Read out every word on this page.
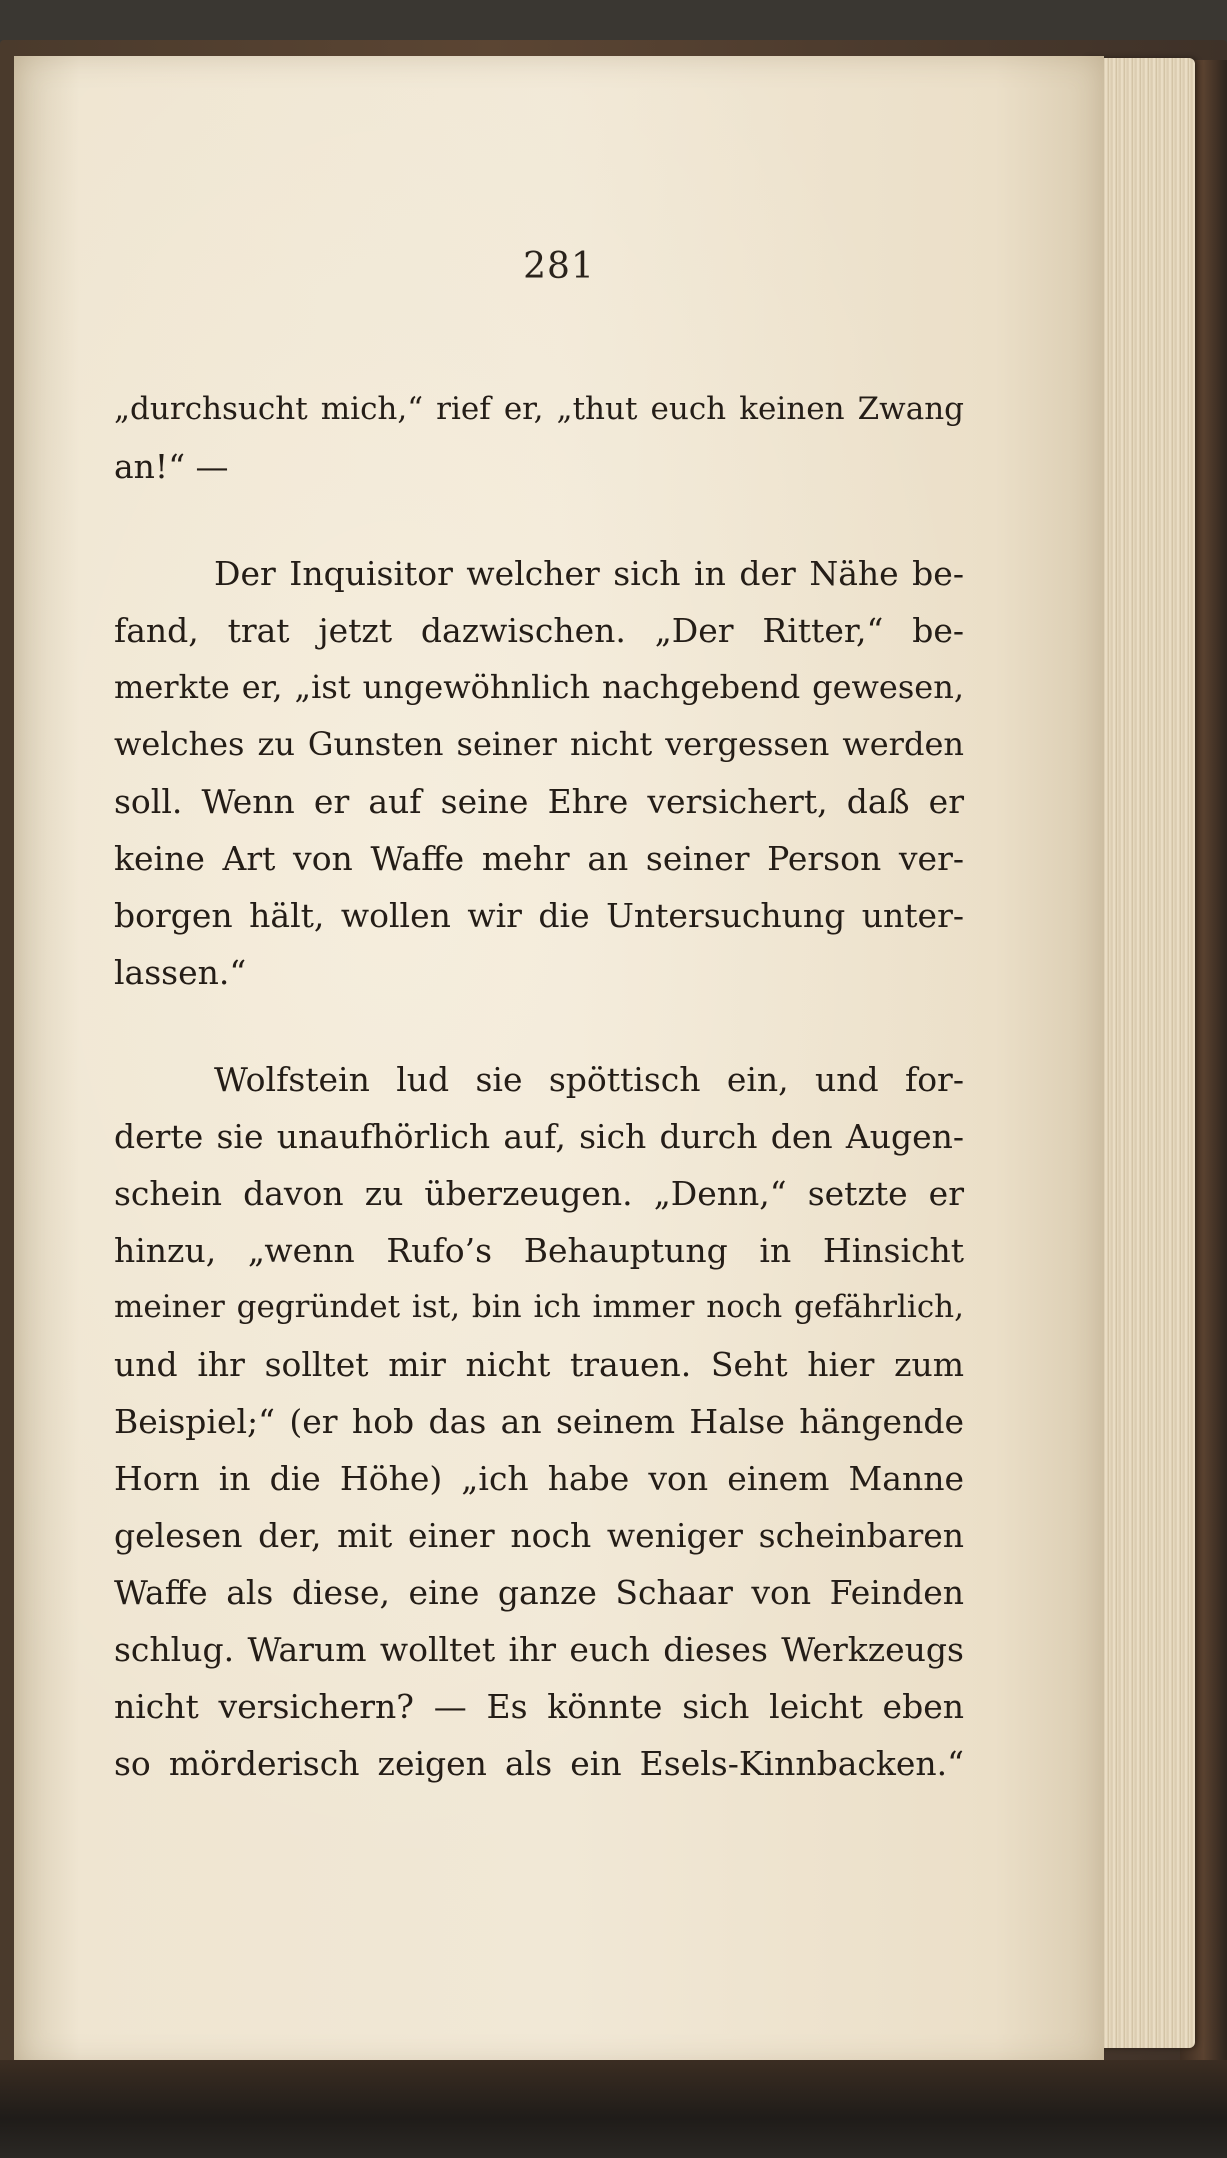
281
„durchsucht mich,“ rief er, „thut euch keinen Zwang
an!“ —
Der Inquisitor welcher sich in der Nähe be-
fand, trat jetzt dazwischen. „Der Ritter,“ be-
merkte er, „ist ungewöhnlich nachgebend gewesen,
welches zu Gunsten seiner nicht vergessen werden
soll. Wenn er auf seine Ehre versichert, daß er
keine Art von Waffe mehr an seiner Person ver-
borgen hält, wollen wir die Untersuchung unter-
lassen.“
Wolfstein lud sie spöttisch ein, und for-
derte sie unaufhörlich auf, sich durch den Augen-
schein davon zu überzeugen. „Denn,“ setzte er
hinzu, „wenn Rufo’s Behauptung in Hinsicht
meiner gegründet ist, bin ich immer noch gefährlich,
und ihr solltet mir nicht trauen. Seht hier zum
Beispiel;“ (er hob das an seinem Halse hängende
Horn in die Höhe) „ich habe von einem Manne
gelesen der, mit einer noch weniger scheinbaren
Waffe als diese, eine ganze Schaar von Feinden
schlug. Warum wolltet ihr euch dieses Werkzeugs
nicht versichern? — Es könnte sich leicht eben
so mörderisch zeigen als ein Esels-Kinnbacken.“
